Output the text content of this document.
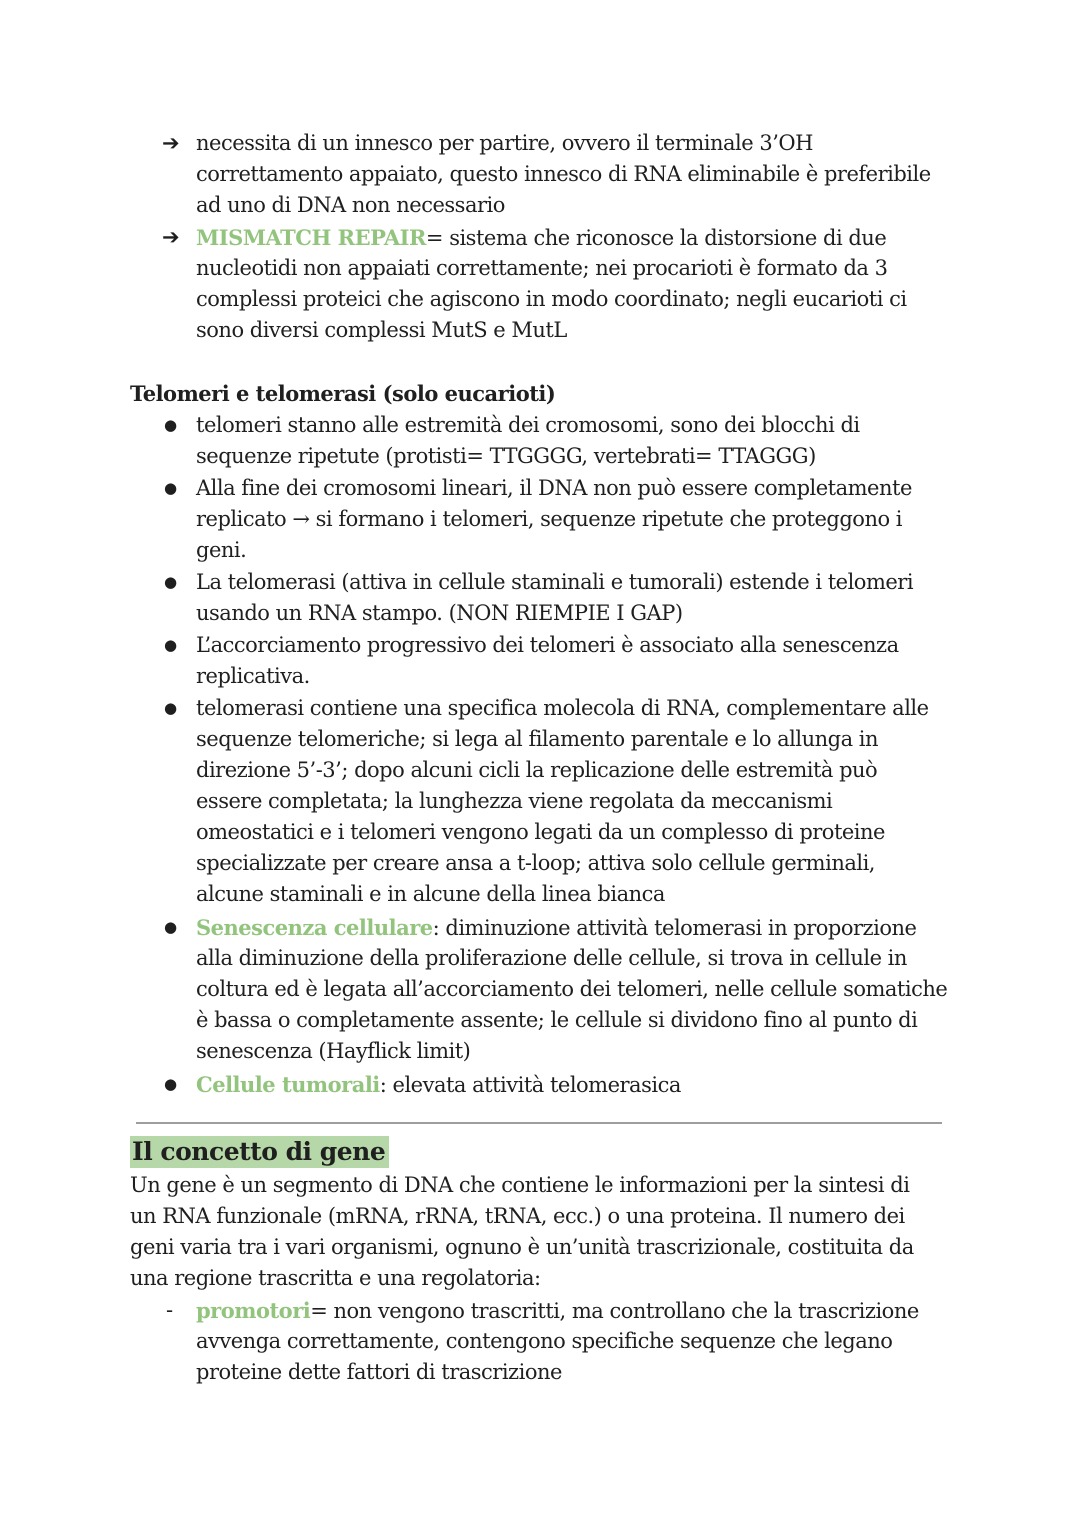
➔ necessita di un innesco per partire, ovvero il terminale 3’OH
correttamento appaiato, questo innesco di RNA eliminabile è preferibile
ad uno di DNA non necessario
➔ MISMATCH REPAIR= sistema che riconosce la distorsione di due
nucleotidi non appaiati correttamente; nei procarioti è formato da 3
complessi proteici che agiscono in modo coordinato; negli eucarioti ci
sono diversi complessi MutS e MutL
Telomeri e telomerasi (solo eucarioti)
● telomeri stanno alle estremità dei cromosomi, sono dei blocchi di
sequenze ripetute (protisti= TTGGGG, vertebrati= TTAGGG)
● Alla fine dei cromosomi lineari, il DNA non può essere completamente
replicato → si formano i telomeri, sequenze ripetute che proteggono i
geni.
● La telomerasi (attiva in cellule staminali e tumorali) estende i telomeri
usando un RNA stampo. (NON RIEMPIE I GAP)
● L’accorciamento progressivo dei telomeri è associato alla senescenza
replicativa.
● telomerasi contiene una specifica molecola di RNA, complementare alle
sequenze telomeriche; si lega al filamento parentale e lo allunga in
direzione 5’-3’; dopo alcuni cicli la replicazione delle estremità può
essere completata; la lunghezza viene regolata da meccanismi
omeostatici e i telomeri vengono legati da un complesso di proteine
specializzate per creare ansa a t-loop; attiva solo cellule germinali,
alcune staminali e in alcune della linea bianca
● Senescenza cellulare: diminuzione attività telomerasi in proporzione
alla diminuzione della proliferazione delle cellule, si trova in cellule in
coltura ed è legata all’accorciamento dei telomeri, nelle cellule somatiche
è bassa o completamente assente; le cellule si dividono fino al punto di
senescenza (Hayflick limit)
● Cellule tumorali: elevata attività telomerasica
Il concetto di gene
Un gene è un segmento di DNA che contiene le informazioni per la sintesi di
un RNA funzionale (mRNA, rRNA, tRNA, ecc.) o una proteina. Il numero dei
geni varia tra i vari organismi, ognuno è un’unità trascrizionale, costituita da
una regione trascritta e una regolatoria:
- promotori= non vengono trascritti, ma controllano che la trascrizione
avvenga correttamente, contengono specifiche sequenze che legano
proteine dette fattori di trascrizione
